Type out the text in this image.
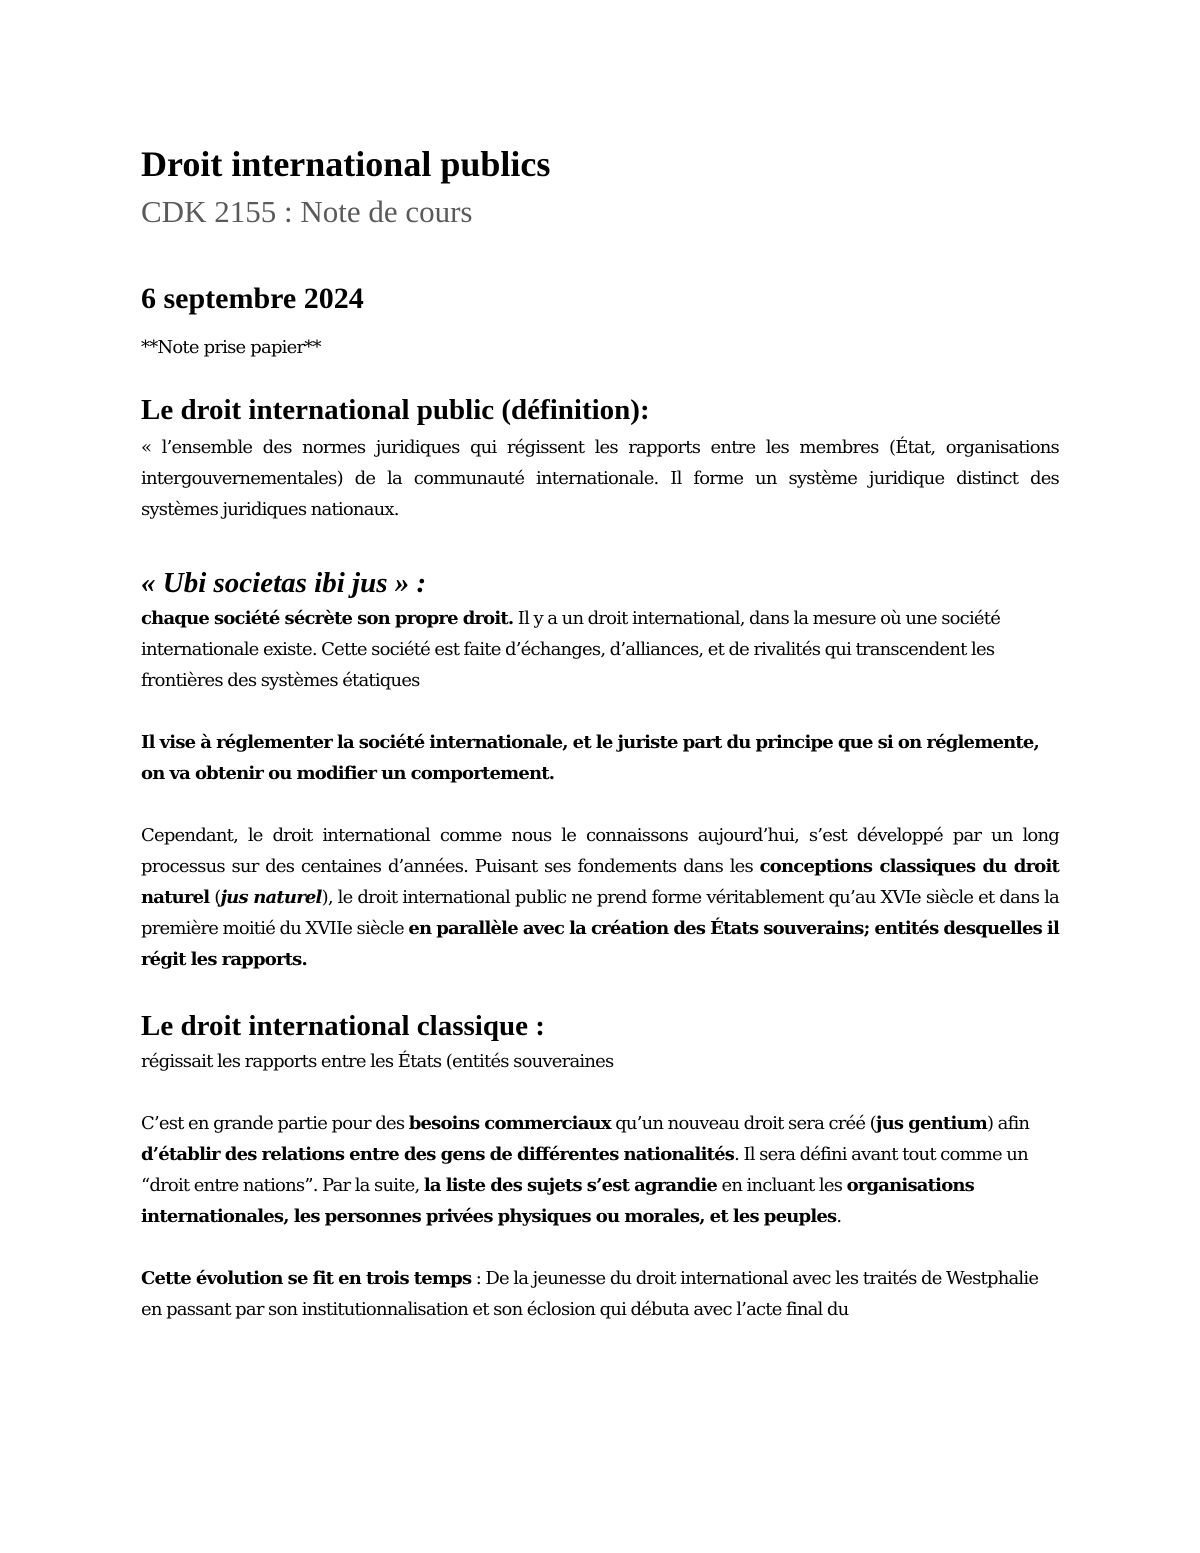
Droit international publics
CDK 2155 : Note de cours
6 septembre 2024

**Note prise papier**

Le droit international public (définition):

« l’ensemble des normes juridiques qui régissent les rapports entre les membres (État, organisations intergouvernementales) de la communauté internationale. Il forme un système juridique distinct des systèmes juridiques nationaux.

« Ubi societas ibi jus » :

chaque société sécrète son propre droit. Il y a un droit international, dans la mesure où une société internationale existe. Cette société est faite d’échanges, d’alliances, et de rivalités qui transcendent les frontières des systèmes étatiques

Il vise à réglementer la société internationale, et le juriste part du principe que si on réglemente, on va obtenir ou modifier un comportement.

Cependant, le droit international comme nous le connaissons aujourd’hui, s’est développé par un long processus sur des centaines d’années. Puisant ses fondements dans les conceptions classiques du droit naturel (jus naturel), le droit international public ne prend forme véritablement qu’au XVIe siècle et dans la première moitié du XVIIe siècle en parallèle avec la création des États souverains; entités desquelles il régit les rapports.

Le droit international classique :

régissait les rapports entre les États (entités souveraines

C’est en grande partie pour des besoins commerciaux qu’un nouveau droit sera créé (jus gentium) afin d’établir des relations entre des gens de différentes nationalités. Il sera défini avant tout comme un “droit entre nations”. Par la suite, la liste des sujets s’est agrandie en incluant les organisations internationales, les personnes privées physiques ou morales, et les peuples.

Cette évolution se fit en trois temps : De la jeunesse du droit international avec les traités de Westphalie en passant par son institutionnalisation et son éclosion qui débuta avec l’acte final du
